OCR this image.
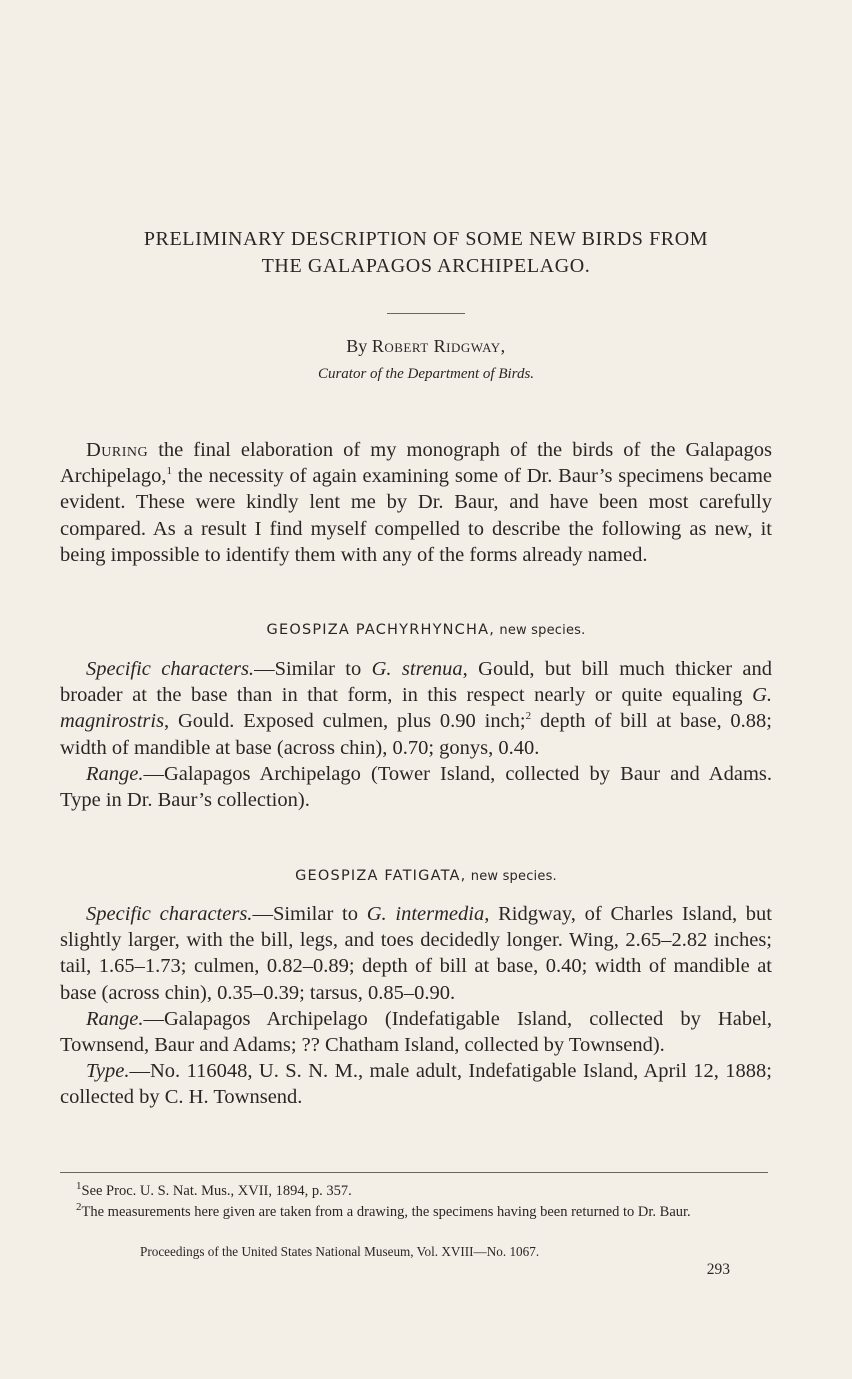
PRELIMINARY DESCRIPTION OF SOME NEW BIRDS FROM
THE GALAPAGOS ARCHIPELAGO.
By Robert Ridgway,
Curator of the Department of Birds.

During the final elaboration of my monograph of the birds of the Galapagos Archipelago,$^1$ the necessity of again examining some of Dr. Baur’s specimens became evident. These were kindly lent me by Dr. Baur, and have been most carefully compared. As a result I find myself compelled to describe the following as new, it being impossible to identify them with any of the forms already named.

GEOSPIZA PACHYRHYNCHA, new species.

Specific characters.—Similar to G. strenua, Gould, but bill much thicker and broader at the base than in that form, in this respect nearly or quite equaling G. magnirostris, Gould. Exposed culmen, plus 0.90 inch;$^2$ depth of bill at base, 0.88; width of mandible at base (across chin), 0.70; gonys, 0.40.

Range.—Galapagos Archipelago (Tower Island, collected by Baur and Adams. Type in Dr. Baur’s collection).

GEOSPIZA FATIGATA, new species.

Specific characters.—Similar to G. intermedia, Ridgway, of Charles Island, but slightly larger, with the bill, legs, and toes decidedly longer. Wing, 2.65–2.82 inches; tail, 1.65–1.73; culmen, 0.82–0.89; depth of bill at base, 0.40; width of mandible at base (across chin), 0.35–0.39; tarsus, 0.85–0.90.

Range.—Galapagos Archipelago (Indefatigable Island, collected by Habel, Townsend, Baur and Adams; ?? Chatham Island, collected by Townsend).

Type.—No. 116048, U. S. N. M., male adult, Indefatigable Island, April 12, 1888; collected by C. H. Townsend.

$^1$See Proc. U. S. Nat. Mus., XVII, 1894, p. 357.

$^2$The measurements here given are taken from a drawing, the specimens having been returned to Dr. Baur.

Proceedings of the United States National Museum, Vol. XVIII—No. 1067.
293
